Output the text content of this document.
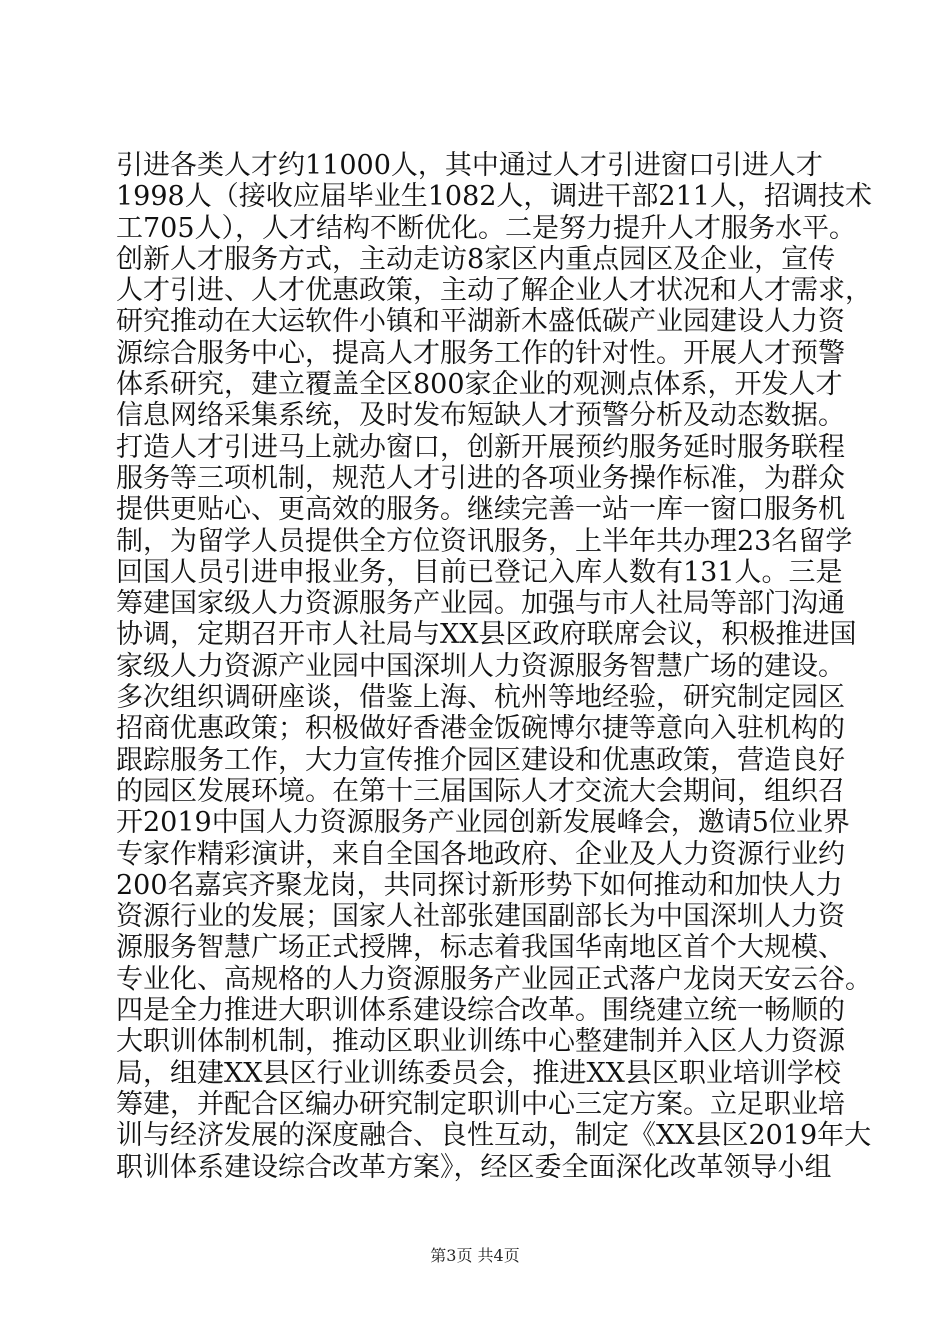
引进各类人才约11000人，其中通过人才引进窗口引进人才
1998人（接收应届毕业生1082人，调进干部211人，招调技术
工705人），人才结构不断优化。二是努力提升人才服务水平。
创新人才服务方式，主动走访8家区内重点园区及企业，宣传
人才引进、人才优惠政策，主动了解企业人才状况和人才需求，
研究推动在大运软件小镇和平湖新木盛低碳产业园建设人力资
源综合服务中心，提高人才服务工作的针对性。开展人才预警
体系研究，建立覆盖全区800家企业的观测点体系，开发人才
信息网络采集系统，及时发布短缺人才预警分析及动态数据。
打造人才引进马上就办窗口，创新开展预约服务延时服务联程
服务等三项机制，规范人才引进的各项业务操作标准，为群众
提供更贴心、更高效的服务。继续完善一站一库一窗口服务机
制，为留学人员提供全方位资讯服务，上半年共办理23名留学
回国人员引进申报业务，目前已登记入库人数有131人。三是
筹建国家级人力资源服务产业园。加强与市人社局等部门沟通
协调，定期召开市人社局与XX县区政府联席会议，积极推进国
家级人力资源产业园中国深圳人力资源服务智慧广场的建设。
多次组织调研座谈，借鉴上海、杭州等地经验，研究制定园区
招商优惠政策；积极做好香港金饭碗博尔捷等意向入驻机构的
跟踪服务工作，大力宣传推介园区建设和优惠政策，营造良好
的园区发展环境。在第十三届国际人才交流大会期间，组织召
开2019中国人力资源服务产业园创新发展峰会，邀请5位业界
专家作精彩演讲，来自全国各地政府、企业及人力资源行业约
200名嘉宾齐聚龙岗，共同探讨新形势下如何推动和加快人力
资源行业的发展；国家人社部张建国副部长为中国深圳人力资
源服务智慧广场正式授牌，标志着我国华南地区首个大规模、
专业化、高规格的人力资源服务产业园正式落户龙岗天安云谷。
四是全力推进大职训体系建设综合改革。围绕建立统一畅顺的
大职训体制机制，推动区职业训练中心整建制并入区人力资源
局，组建XX县区行业训练委员会，推进XX县区职业培训学校
筹建，并配合区编办研究制定职训中心三定方案。立足职业培
训与经济发展的深度融合、良性互动，制定《XX县区2019年大
职训体系建设综合改革方案》，经区委全面深化改革领导小组
第3页 共4页
